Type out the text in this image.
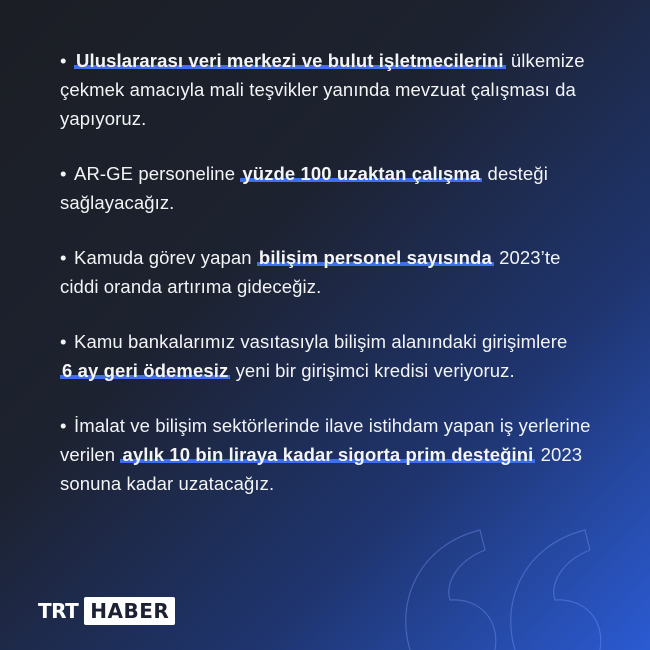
• Uluslararası veri merkezi ve bulut işletmecilerini ülkemize çekmek amacıyla mali teşvikler yanında mevzuat çalışması da yapıyoruz.
• AR-GE personeline yüzde 100 uzaktan çalışma desteği sağlayacağız.
• Kamuda görev yapan bilişim personel sayısında 2023’te ciddi oranda artırıma gideceğiz.
• Kamu bankalarımız vasıtasıyla bilişim alanındaki girişimlere 6 ay geri ödemesiz yeni bir girişimci kredisi veriyoruz.
• İmalat ve bilişim sektörlerinde ilave istihdam yapan iş yerlerine verilen aylık 10 bin liraya kadar sigorta prim desteğini 2023 sonuna kadar uzatacağız.
TRT HABER
